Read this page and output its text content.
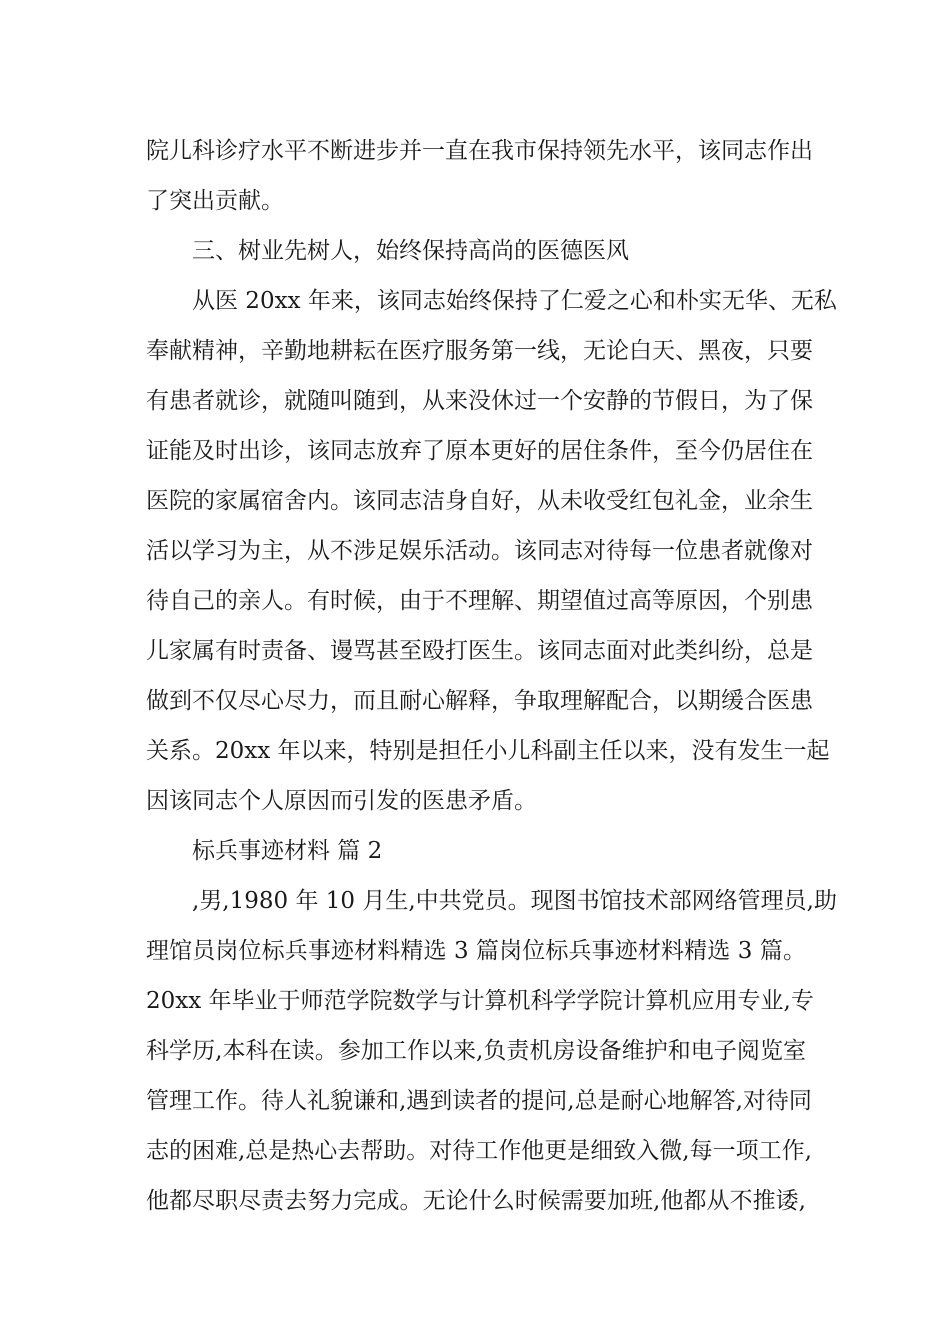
院儿科诊疗水平不断进步并一直在我市保持领先水平，该同志作出
了突出贡献。
三、树业先树人，始终保持高尚的医德医风
从医 20xx 年来，该同志始终保持了仁爱之心和朴实无华、无私
奉献精神，辛勤地耕耘在医疗服务第一线，无论白天、黑夜，只要
有患者就诊，就随叫随到，从来没休过一个安静的节假日，为了保
证能及时出诊，该同志放弃了原本更好的居住条件，至今仍居住在
医院的家属宿舍内。该同志洁身自好，从未收受红包礼金，业余生
活以学习为主，从不涉足娱乐活动。该同志对待每一位患者就像对
待自己的亲人。有时候，由于不理解、期望值过高等原因，个别患
儿家属有时责备、谩骂甚至殴打医生。该同志面对此类纠纷，总是
做到不仅尽心尽力，而且耐心解释，争取理解配合，以期缓合医患
关系。20xx 年以来，特别是担任小儿科副主任以来，没有发生一起
因该同志个人原因而引发的医患矛盾。
标兵事迹材料 篇 2
,男,1980 年 10 月生,中共党员。现图书馆技术部网络管理员,助
理馆员岗位标兵事迹材料精选 3 篇岗位标兵事迹材料精选 3 篇。
20xx 年毕业于师范学院数学与计算机科学学院计算机应用专业,专
科学历,本科在读。参加工作以来,负责机房设备维护和电子阅览室
管理工作。待人礼貌谦和,遇到读者的提问,总是耐心地解答,对待同
志的困难,总是热心去帮助。对待工作他更是细致入微,每一项工作,
他都尽职尽责去努力完成。无论什么时候需要加班,他都从不推诿,
